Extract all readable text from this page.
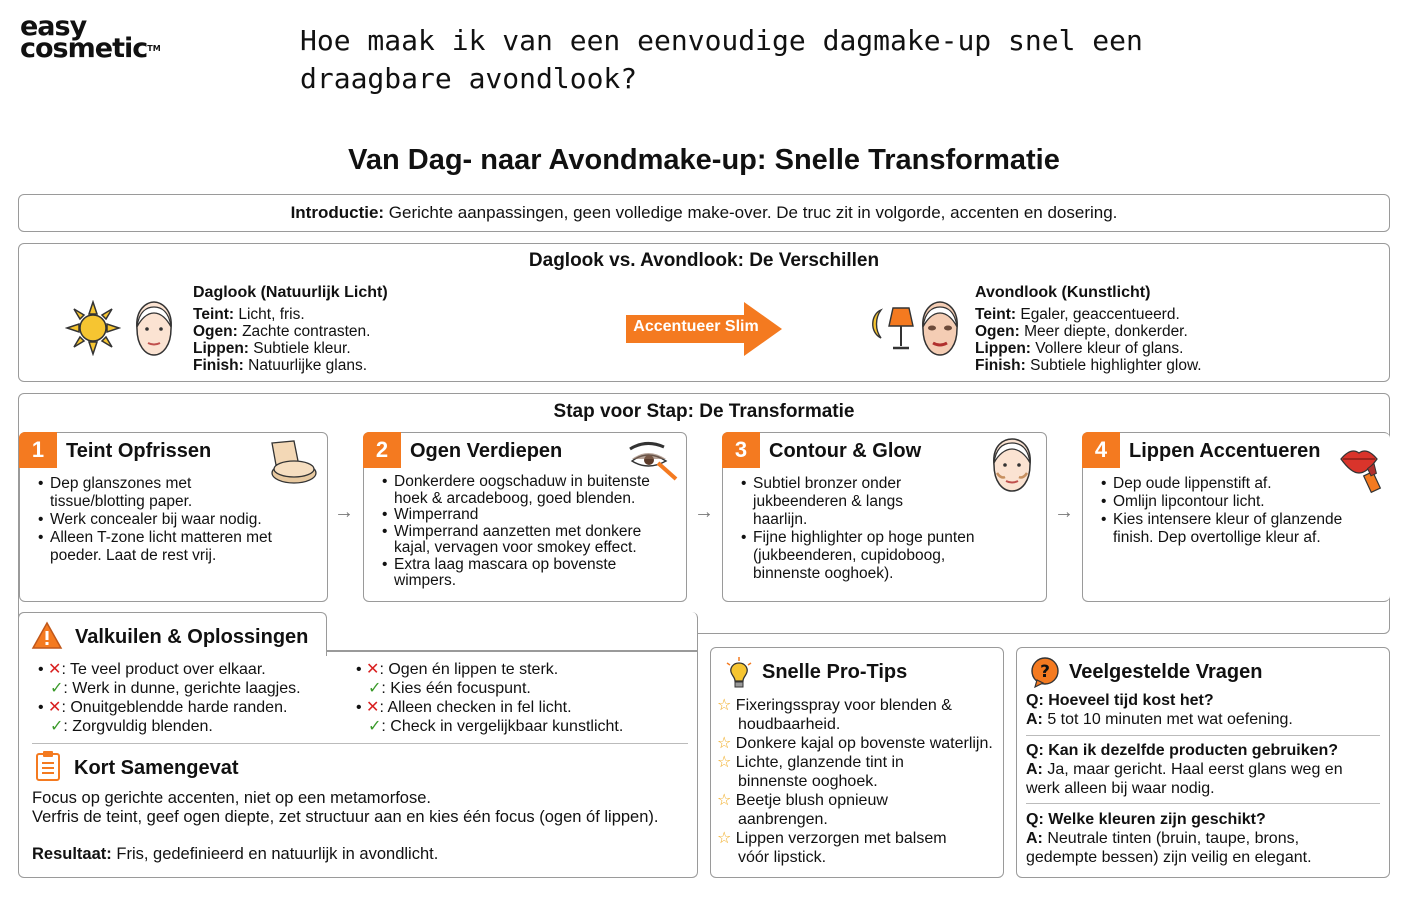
easy
cosmetic™	Hoe maak ik van een eenvoudige dagmake-up snel een draagbare avondlook?
Van Dag- naar Avondmake-up: Snelle Transformatie
Introductie: Gerichte aanpassingen, geen volledige make-over. De truc zit in volgorde, accenten en dosering.
Daglook vs. Avondlook: De Verschillen
Daglook (Natuurlijk Licht)
Teint: Licht, fris.
Ogen: Zachte contrasten.
Lippen: Subtiele kleur.
Finish: Natuurlijke glans.
Avondlook (Kunstlicht)
Teint: Egaler, geaccentueerd.
Ogen: Meer diepte, donkerder.
Lippen: Vollere kleur of glans.
Finish: Subtiele highlighter glow.
Accentueer Slim
Stap voor Stap: De Transformatie
1	Teint Opfrissen
• Dep glanszones met tissue/blotting paper.
• Werk concealer bij waar nodig.
• Alleen T-zone licht matteren met poeder. Laat de rest vrij.
→
2	Ogen Verdiepen
• Donkerdere oogschaduw in buitenste hoek & arcadeboog, goed blenden.
• Wimperrand
• Wimperrand aanzetten met donkere kajal, vervagen voor smokey effect.
• Extra laag mascara op bovenste wimpers.
→
3	Contour & Glow
• Subtiel bronzer onder jukbeenderen & langs haarlijn.
• Fijne highlighter op hoge punten (jukbeenderen, cupidoboog, binnenste ooghoek).
→
4	Lippen Accentueren
• Dep oude lippenstift af.
• Omlijn lipcontour licht.
• Kies intensere kleur of glanzende finish. Dep overtollige kleur af.
Valkuilen & Oplossingen
• ✕: Te veel product over elkaar.
✓: Werk in dunne, gerichte laagjes.
• ✕: Onuitgeblendde harde randen.
✓: Zorgvuldig blenden.
• ✕: Ogen én lippen te sterk.
✓: Kies één focuspunt.
• ✕: Alleen checken in fel licht.
✓: Check in vergelijkbaar kunstlicht.
Kort Samengevat
Focus op gerichte accenten, niet op een metamorfose.
Verfris de teint, geef ogen diepte, zet structuur aan en kies één focus (ogen óf lippen).
Resultaat: Fris, gedefinieerd en natuurlijk in avondlicht.
Snelle Pro-Tips
☆ Fixeringsspray voor blenden &
houdbaarheid.
☆ Donkere kajal op bovenste waterlijn.
☆ Lichte, glanzende tint in
binnenste ooghoek.
☆ Beetje blush opnieuw
aanbrengen.
☆ Lippen verzorgen met balsem
vóór lipstick.
? Veelgestelde Vragen
Q: Hoeveel tijd kost het?
A: 5 tot 10 minuten met wat oefening.
Q: Kan ik dezelfde producten gebruiken?
A: Ja, maar gericht. Haal eerst glans weg en
werk alleen bij waar nodig.
Q: Welke kleuren zijn geschikt?
A: Neutrale tinten (bruin, taupe, brons,
gedempte bessen) zijn veilig en elegant.
